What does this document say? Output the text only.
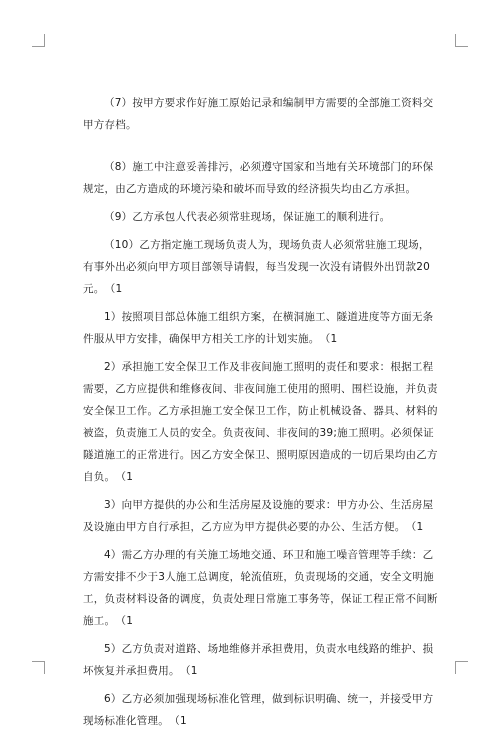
（7）按甲方要求作好施工原始记录和编制甲方需要的全部施工资料交甲方存档。

（8）施工中注意妥善排污，必须遵守国家和当地有关环境部门的环保规定，由乙方造成的环境污染和破坏而导致的经济损失均由乙方承担。

（9）乙方承包人代表必须常驻现场，保证施工的顺利进行。

（10）乙方指定施工现场负责人为，现场负责人必须常驻施工现场，有事外出必须向甲方项目部领导请假，每当发现一次没有请假外出罚款20元。　（1

1）按照项目部总体施工组织方案，在横洞施工、隧道进度等方面无条件服从甲方安排，确保甲方相关工序的计划实施。　（1

2）承担施工安全保卫工作及非夜间施工照明的责任和要求：根据工程需要，乙方应提供和维修夜间、非夜间施工使用的照明、围栏设施，并负责安全保卫工作。乙方承担施工安全保卫工作，防止机械设备、器具、材料的被盗，负责施工人员的安全。负责夜间、非夜间的39;施工照明。必须保证隧道施工的正常进行。因乙方安全保卫、照明原因造成的一切后果均由乙方自负。　（1

3）向甲方提供的办公和生活房屋及设施的要求：甲方办公、生活房屋及设施由甲方自行承担，乙方应为甲方提供必要的办公、生活方便。　（1

4）需乙方办理的有关施工场地交通、环卫和施工噪音管理等手续：乙方需安排不少于3人施工总调度，轮流值班，负责现场的交通，安全文明施工，负责材料设备的调度，负责处理日常施工事务等，保证工程正常不间断施工。　（1

5）乙方负责对道路、场地维修并承担费用，负责水电线路的维护、损坏恢复并承担费用。　（1

6）乙方必须加强现场标准化管理，做到标识明确、统一，并接受甲方现场标准化管理。　（1
